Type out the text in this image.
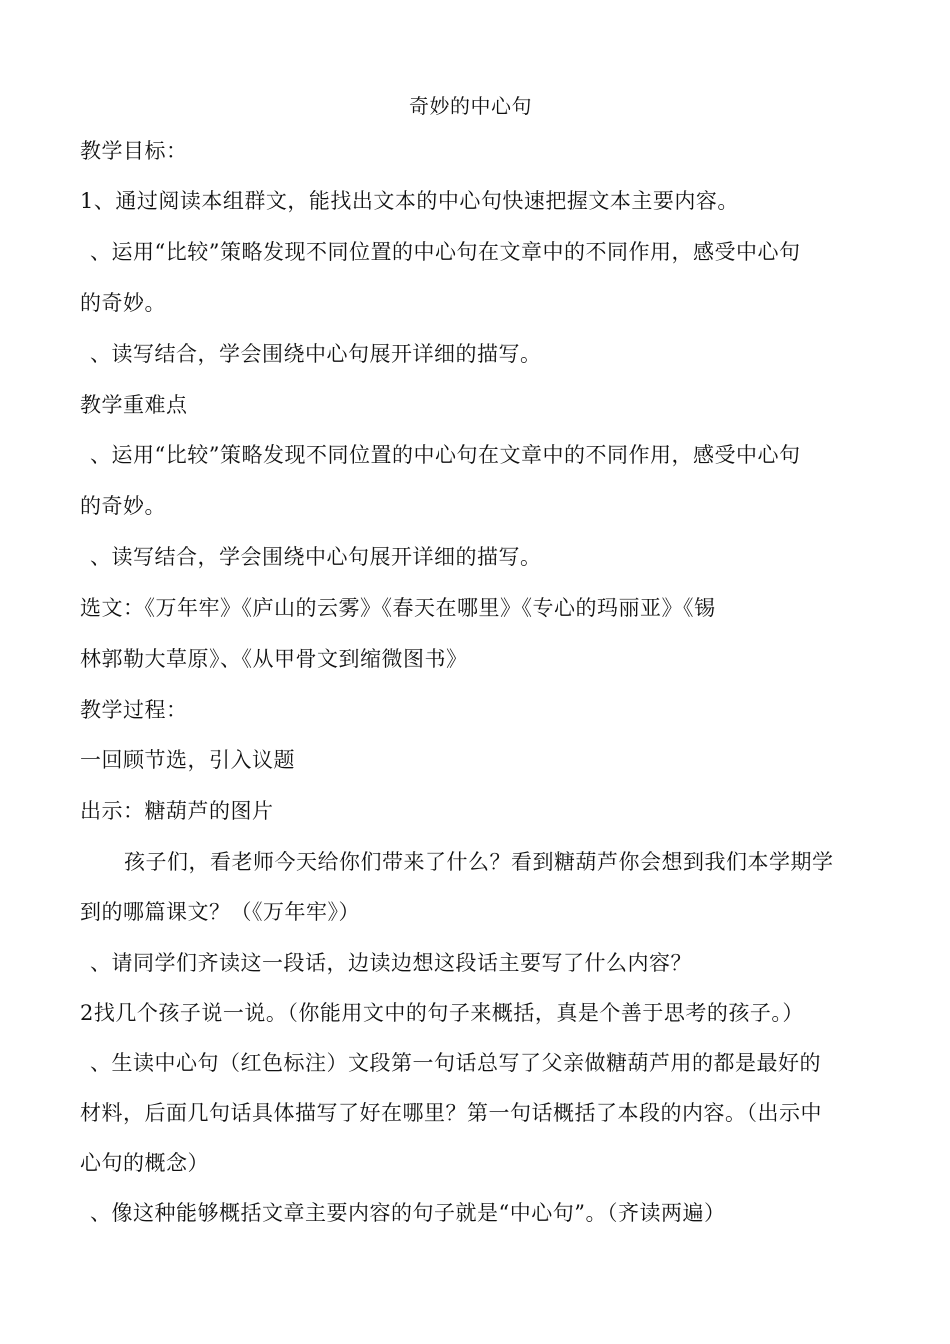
奇妙的中心句
教学目标：
1、通过阅读本组群文，能找出文本的中心句快速把握文本主要内容。
、运用“比较”策略发现不同位置的中心句在文章中的不同作用，感受中心句
的奇妙。
、读写结合，学会围绕中心句展开详细的描写。
教学重难点
、运用“比较”策略发现不同位置的中心句在文章中的不同作用，感受中心句
的奇妙。
、读写结合，学会围绕中心句展开详细的描写。
选文：《万年牢》《庐山的云雾》《春天在哪里》《专心的玛丽亚》《锡
林郭勒大草原》、《从甲骨文到缩微图书》
教学过程：
一回顾节选，引入议题
出示：糖葫芦的图片
孩子们，看老师今天给你们带来了什么？看到糖葫芦你会想到我们本学期学
到的哪篇课文？（《万年牢》）
、请同学们齐读这一段话，边读边想这段话主要写了什么内容？
2找几个孩子说一说。（你能用文中的句子来概括，真是个善于思考的孩子。）
、生读中心句（红色标注）文段第一句话总写了父亲做糖葫芦用的都是最好的
材料，后面几句话具体描写了好在哪里？第一句话概括了本段的内容。（出示中
心句的概念）
、像这种能够概括文章主要内容的句子就是“中心句”。（齐读两遍）
